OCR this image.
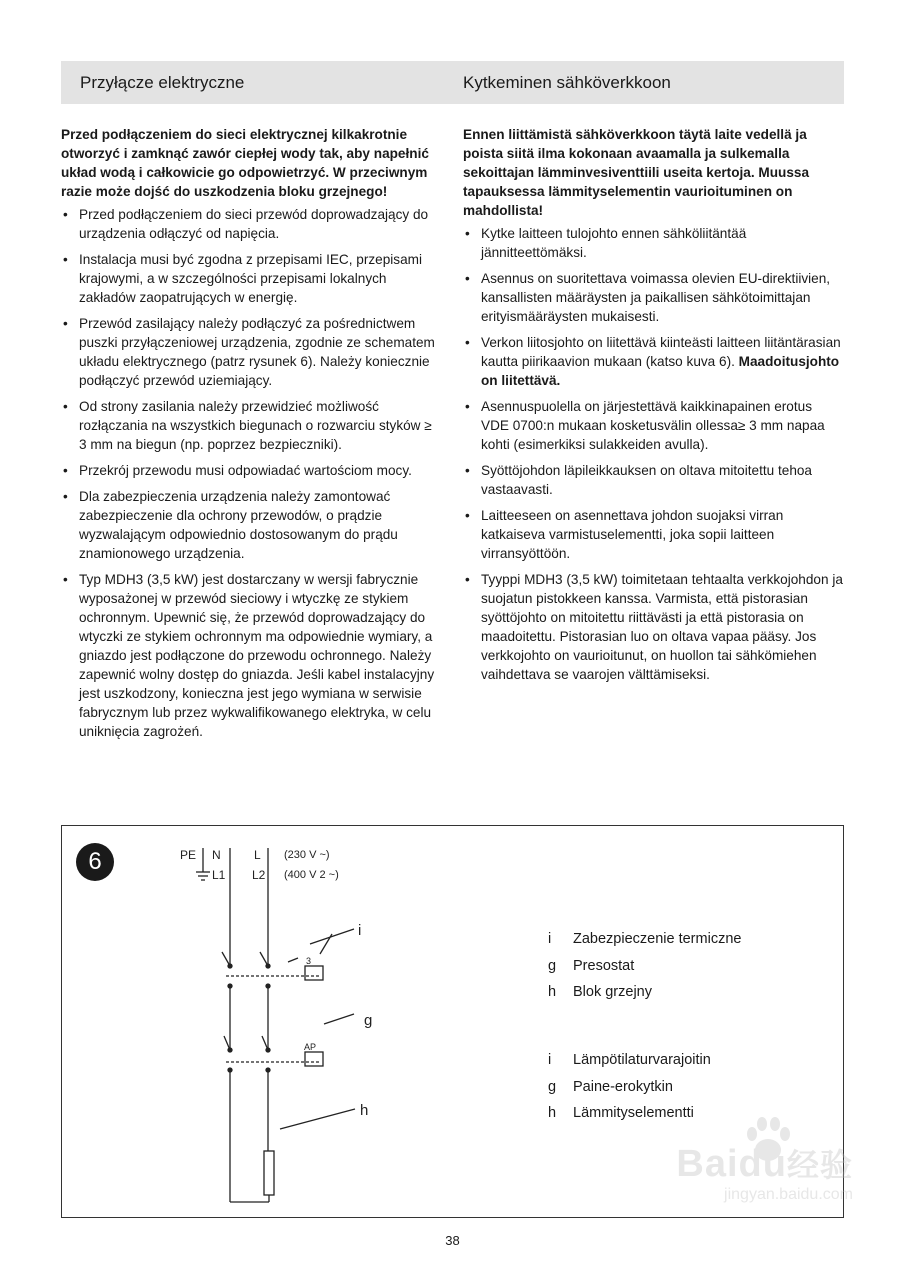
Przyłącze elektryczne	Kytkeminen sähköverkkoon

Przed podłączeniem do sieci elektrycznej kilkakrotnie otworzyć i zamknąć zawór ciepłej wody tak, aby napełnić układ wodą i całkowicie go odpowietrzyć. W przeciwnym razie może dojść do uszkodzenia bloku grzejnego!

• Przed podłączeniem do sieci przewód doprowadzający do urządzenia odłączyć od napięcia.
• Instalacja musi być zgodna z przepisami IEC, przepisami krajowymi, a w szczególności przepisami lokalnych zakładów zaopatrujących w energię.
• Przewód zasilający należy podłączyć za pośrednictwem puszki przyłączeniowej urządzenia, zgodnie ze schematem układu elektrycznego (patrz rysunek 6). Należy koniecznie podłączyć przewód uziemiający.
• Od strony zasilania należy przewidzieć możliwość rozłączania na wszystkich biegunach o rozwarciu styków ≥ 3 mm na biegun (np. poprzez bezpieczniki).
• Przekrój przewodu musi odpowiadać wartościom mocy.
• Dla zabezpieczenia urządzenia należy zamontować zabezpieczenie dla ochrony przewodów, o prądzie wyzwalającym odpowiednio dostosowanym do prądu znamionowego urządzenia.
• Typ MDH3 (3,5 kW) jest dostarczany w wersji fabrycznie wyposażonej w przewód sieciowy i wtyczkę ze stykiem ochronnym. Upewnić się, że przewód doprowadzający do wtyczki ze stykiem ochronnym ma odpowiednie wymiary, a gniazdo jest podłączone do przewodu ochronnego. Należy zapewnić wolny dostęp do gniazda. Jeśli kabel instalacyjny jest uszkodzony, konieczna jest jego wymiana w serwisie fabrycznym lub przez wykwalifikowanego elektryka, w celu uniknięcia zagrożeń.

Ennen liittämistä sähköverkkoon täytä laite vedellä ja poista siitä ilma kokonaan avaamalla ja sulkemalla sekoittajan lämminvesiventtiili useita kertoja. Muussa tapauksessa lämmityselementin vaurioituminen on mahdollista!

• Kytke laitteen tulojohto ennen sähköliitäntää jännitteettömäksi.
• Asennus on suoritettava voimassa olevien EU-direktiivien, kansallisten määräysten ja paikallisen sähkötoimittajan erityismääräysten mukaisesti.
• Verkon liitosjohto on liitettävä kiinteästi laitteen liitäntärasian kautta piirikaavion mukaan (katso kuva 6). Maadoitusjohto on liitettävä.
• Asennuspuolella on järjestettävä kaikkinapainen erotus VDE 0700:n mukaan kosketusvälin ollessa≥ 3 mm napaa kohti (esimerkiksi sulakkeiden avulla).
• Syöttöjohdon läpileikkauksen on oltava mitoitettu tehoa vastaavasti.
• Laitteeseen on asennettava johdon suojaksi virran katkaiseva varmistuselementti, joka sopii laitteen virransyöttöön.
• Tyyppi MDH3 (3,5 kW) toimitetaan tehtaalta verkkojohdon ja suojatun pistokkeen kanssa. Varmista, että pistorasian syöttöjohto on mitoitettu riittävästi ja että pistorasia on maadoitettu. Pistorasian luo on oltava vapaa pääsy. Jos verkkojohto on vaurioitunut, on huollon tai sähkömiehen vaihdettava se vaarojen välttämiseksi.
6	PE N	L
L1 L2
(230 V ~)
(400 V 2 ~)
3
AP
i
g
h
i	Zabezpieczenie termiczne
g	Presostat
h	Blok grzejny
i	Lämpötilaturvarajoitin
g	Paine-erokytkin
h	Lämmityselementti
Baidu经验
jingyan.baidu.com
38
